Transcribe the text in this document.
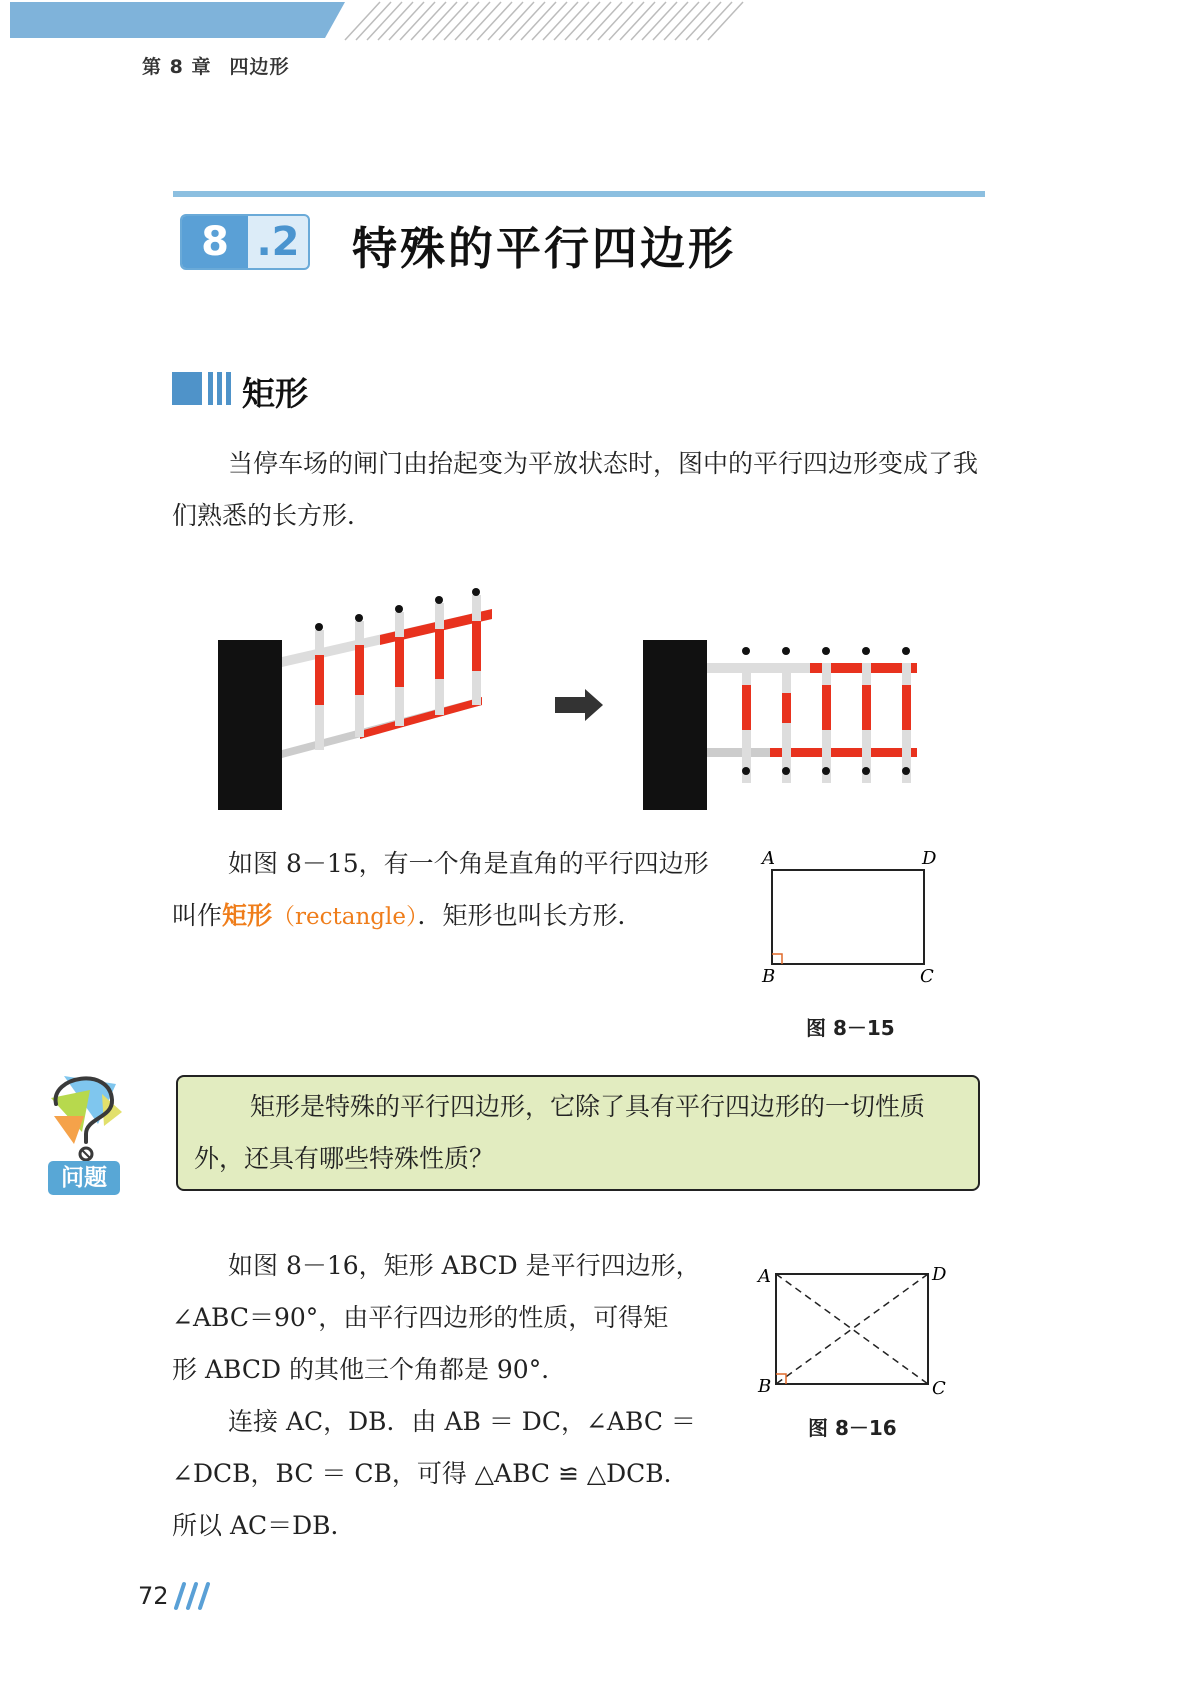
第 8 章 四边形
8 .2 特殊的平行四边形
矩形
当停车场的闸门由抬起变为平放状态时，图中的平行四边形变成了我们熟悉的长方形．
如图 8－15，有一个角是直角的平行四边形叫作矩形（rectangle）．矩形也叫长方形．
A	D
B	C
图 8－15
问题
矩形是特殊的平行四边形，它除了具有平行四边形的一切性质外，还具有哪些特殊性质？
如图 8－16，矩形 ABCD 是平行四边形，
∠ABC＝90°，由平行四边形的性质，可得矩
形 ABCD 的其他三个角都是 90°．
连接 AC，DB．由 AB ＝ DC，∠ABC ＝
∠DCB，BC ＝ CB，可得 △ABC ≌ △DCB．
所以 AC＝DB．
A	D
B	C
图 8－16
72
